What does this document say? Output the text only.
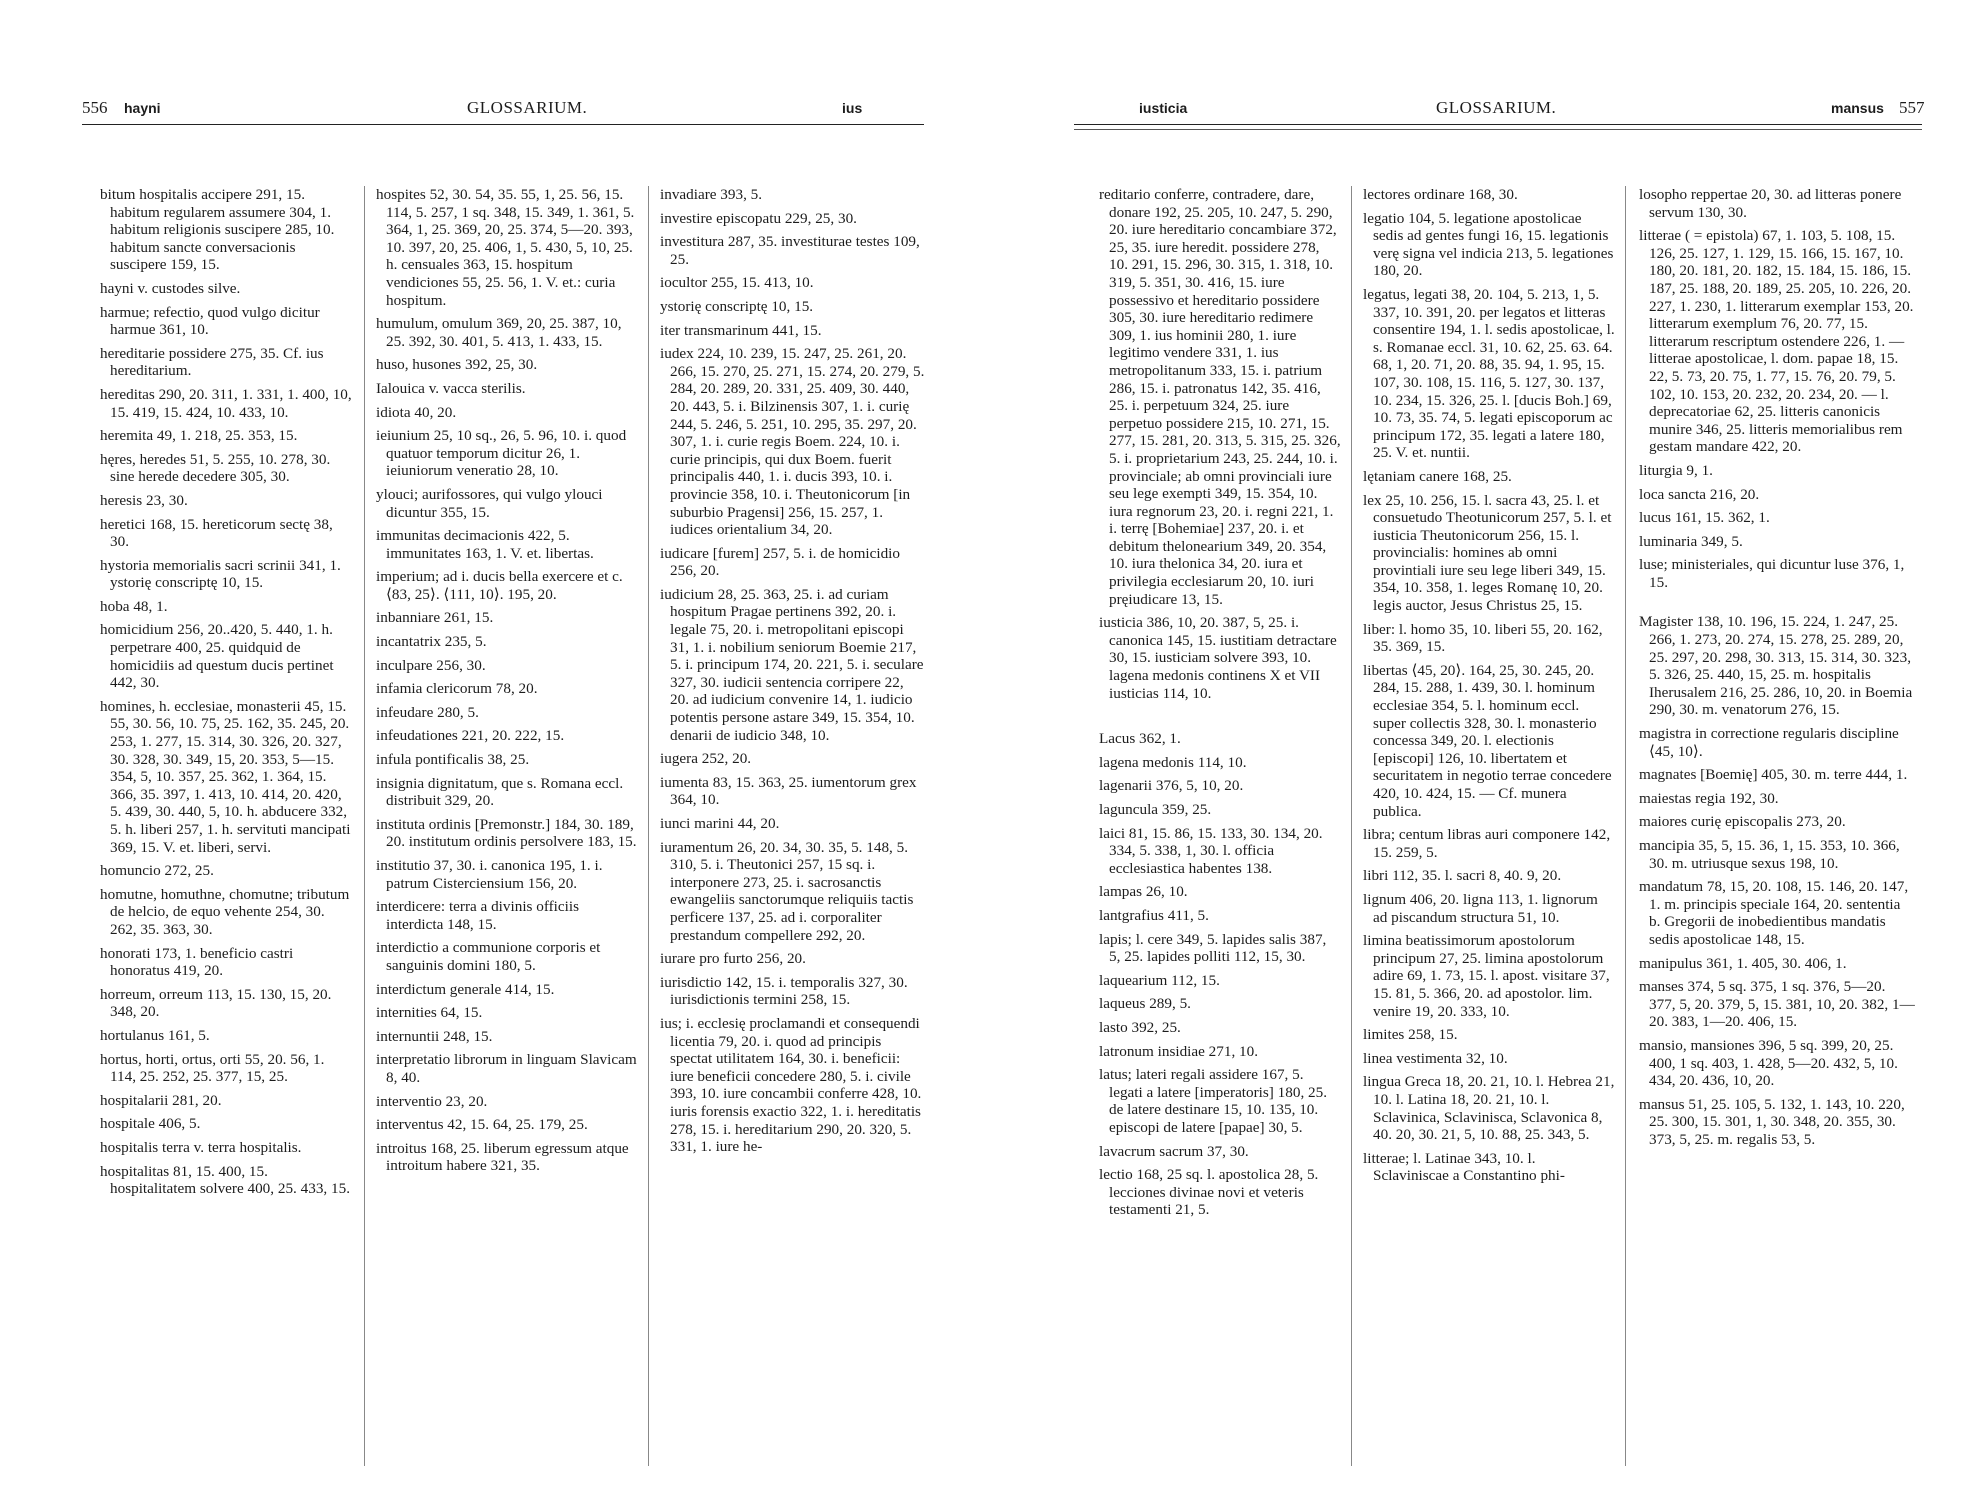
556 hayni	GLOSSARIUM.	ius

bitum hospitalis accipere 291, 15. habitum regularem assumere 304, 1. habitum religionis suscipere 285, 10. habitum sancte conversacionis suscipere 159, 15.

hayni v. custodes silve.

harmue; refectio, quod vulgo dicitur harmue 361, 10.

hereditarie possidere 275, 35. Cf. ius hereditarium.

hereditas 290, 20. 311, 1. 331, 1. 400, 10, 15. 419, 15. 424, 10. 433, 10.

heremita 49, 1. 218, 25. 353, 15.

hęres, heredes 51, 5. 255, 10. 278, 30. sine herede decedere 305, 30.

heresis 23, 30.

heretici 168, 15. hereticorum sectę 38, 30.

hystoria memorialis sacri scrinii 341, 1. ystorię conscriptę 10, 15.

hoba 48, 1.

homicidium 256, 20..420, 5. 440, 1. h. perpetrare 400, 25. quidquid de homicidiis ad questum ducis pertinet 442, 30.

homines, h. ecclesiae, monasterii 45, 15. 55, 30. 56, 10. 75, 25. 162, 35. 245, 20. 253, 1. 277, 15. 314, 30. 326, 20. 327, 30. 328, 30. 349, 15, 20. 353, 5—15. 354, 5, 10. 357, 25. 362, 1. 364, 15. 366, 35. 397, 1. 413, 10. 414, 20. 420, 5. 439, 30. 440, 5, 10. h. abducere 332, 5. h. liberi 257, 1. h. servituti mancipati 369, 15. V. et. liberi, servi.

homuncio 272, 25.

homutne, homuthne, chomutne; tributum de helcio, de equo vehente 254, 30. 262, 35. 363, 30.

honorati 173, 1. beneficio castri honoratus 419, 20.

horreum, orreum 113, 15. 130, 15, 20. 348, 20.

hortulanus 161, 5.

hortus, horti, ortus, orti 55, 20. 56, 1. 114, 25. 252, 25. 377, 15, 25.

hospitalarii 281, 20.

hospitale 406, 5.

hospitalis terra v. terra hospitalis.

hospitalitas 81, 15. 400, 15. hospitalitatem solvere 400, 25. 433, 15.

hospites 52, 30. 54, 35. 55, 1, 25. 56, 15. 114, 5. 257, 1 sq. 348, 15. 349, 1. 361, 5. 364, 1, 25. 369, 20, 25. 374, 5—20. 393, 10. 397, 20, 25. 406, 1, 5. 430, 5, 10, 25. h. censuales 363, 15. hospitum vendiciones 55, 25. 56, 1. V. et.: curia hospitum.

humulum, omulum 369, 20, 25. 387, 10, 25. 392, 30. 401, 5. 413, 1. 433, 15.

huso, husones 392, 25, 30.

Ialouica v. vacca sterilis.

idiota 40, 20.

ieiunium 25, 10 sq., 26, 5. 96, 10. i. quod quatuor temporum dicitur 26, 1. ieiuniorum veneratio 28, 10.

ylouci; aurifossores, qui vulgo ylouci dicuntur 355, 15.

immunitas decimacionis 422, 5. immunitates 163, 1. V. et. libertas.

imperium; ad i. ducis bella exercere et c. ⟨83, 25⟩. ⟨111, 10⟩. 195, 20.

inbanniare 261, 15.

incantatrix 235, 5.

inculpare 256, 30.

infamia clericorum 78, 20.

infeudare 280, 5.

infeudationes 221, 20. 222, 15.

infula pontificalis 38, 25.

insignia dignitatum, que s. Romana eccl. distribuit 329, 20.

instituta ordinis [Premonstr.] 184, 30. 189, 20. institutum ordinis persolvere 183, 15.

institutio 37, 30. i. canonica 195, 1. i. patrum Cisterciensium 156, 20.

interdicere: terra a divinis officiis interdicta 148, 15.

interdictio a communione corporis et sanguinis domini 180, 5.

interdictum generale 414, 15.

internities 64, 15.

internuntii 248, 15.

interpretatio librorum in linguam Slavicam 8, 40.

interventio 23, 20.

interventus 42, 15. 64, 25. 179, 25.

introitus 168, 25. liberum egressum atque introitum habere 321, 35.

invadiare 393, 5.

investire episcopatu 229, 25, 30.

investitura 287, 35. investiturae testes 109, 25.

iocultor 255, 15. 413, 10.

ystorię conscriptę 10, 15.

iter transmarinum 441, 15.

iudex 224, 10. 239, 15. 247, 25. 261, 20. 266, 15. 270, 25. 271, 15. 274, 20. 279, 5. 284, 20. 289, 20. 331, 25. 409, 30. 440, 20. 443, 5. i. Bilzinensis 307, 1. i. curię 244, 5. 246, 5. 251, 10. 295, 35. 297, 20. 307, 1. i. curie regis Boem. 224, 10. i. curie principis, qui dux Boem. fuerit principalis 440, 1. i. ducis 393, 10. i. provincie 358, 10. i. Theutonicorum [in suburbio Pragensi] 256, 15. 257, 1. iudices orientalium 34, 20.

iudicare [furem] 257, 5. i. de homicidio 256, 20.

iudicium 28, 25. 363, 25. i. ad curiam hospitum Pragae pertinens 392, 20. i. legale 75, 20. i. metropolitani episcopi 31, 1. i. nobilium seniorum Boemie 217, 5. i. principum 174, 20. 221, 5. i. seculare 327, 30. iudicii sentencia corripere 22, 20. ad iudicium convenire 14, 1. iudicio potentis persone astare 349, 15. 354, 10. denarii de iudicio 348, 10.

iugera 252, 20.

iumenta 83, 15. 363, 25. iumentorum grex 364, 10.

iunci marini 44, 20.

iuramentum 26, 20. 34, 30. 35, 5. 148, 5. 310, 5. i. Theutonici 257, 15 sq. i. interponere 273, 25. i. sacrosanctis ewangeliis sanctorumque reliquiis tactis perficere 137, 25. ad i. corporaliter prestandum compellere 292, 20.

iurare pro furto 256, 20.

iurisdictio 142, 15. i. temporalis 327, 30. iurisdictionis termini 258, 15.

ius; i. ecclesię proclamandi et consequendi licentia 79, 20. i. quod ad principis spectat utilitatem 164, 30. i. beneficii: iure beneficii concedere 280, 5. i. civile 393, 10. iure concambii conferre 428, 10. iuris forensis exactio 322, 1. i. hereditatis 278, 15. i. hereditarium 290, 20. 320, 5. 331, 1. iure he-

iusticia	GLOSSARIUM.	mansus 557

reditario conferre, contradere, dare, donare 192, 25. 205, 10. 247, 5. 290, 20. iure hereditario concambiare 372, 25, 35. iure heredit. possidere 278, 10. 291, 15. 296, 30. 315, 1. 318, 10. 319, 5. 351, 30. 416, 15. iure possessivo et hereditario possidere 305, 30. iure hereditario redimere 309, 1. ius hominii 280, 1. iure legitimo vendere 331, 1. ius metropolitanum 333, 15. i. patrium 286, 15. i. patronatus 142, 35. 416, 25. i. perpetuum 324, 25. iure perpetuo possidere 215, 10. 271, 15. 277, 15. 281, 20. 313, 5. 315, 25. 326, 5. i. proprietarium 243, 25. 244, 10. i. provinciale; ab omni provinciali iure seu lege exempti 349, 15. 354, 10. iura regnorum 23, 20. i. regni 221, 1. i. terrę [Bohemiae] 237, 20. i. et debitum thelonearium 349, 20. 354, 10. iura thelonica 34, 20. iura et privilegia ecclesiarum 20, 10. iuri pręiudicare 13, 15.

iusticia 386, 10, 20. 387, 5, 25. i. canonica 145, 15. iustitiam detractare 30, 15. iusticiam solvere 393, 10. lagena medonis continens X et VII iusticias 114, 10.

Lacus 362, 1.

lagena medonis 114, 10.

lagenarii 376, 5, 10, 20.

laguncula 359, 25.

laici 81, 15. 86, 15. 133, 30. 134, 20. 334, 5. 338, 1, 30. l. officia ecclesiastica habentes 138.

lampas 26, 10.

lantgrafius 411, 5.

lapis; l. cere 349, 5. lapides salis 387, 5, 25. lapides polliti 112, 15, 30.

laquearium 112, 15.

laqueus 289, 5.

lasto 392, 25.

latronum insidiae 271, 10.

latus; lateri regali assidere 167, 5. legati a latere [imperatoris] 180, 25. de latere destinare 15, 10. 135, 10. episcopi de latere [papae] 30, 5.

lavacrum sacrum 37, 30.

lectio 168, 25 sq. l. apostolica 28, 5. lecciones divinae novi et veteris testamenti 21, 5.

lectores ordinare 168, 30.

legatio 104, 5. legatione apostolicae sedis ad gentes fungi 16, 15. legationis verę signa vel indicia 213, 5. legationes 180, 20.

legatus, legati 38, 20. 104, 5. 213, 1, 5. 337, 10. 391, 20. per legatos et litteras consentire 194, 1. l. sedis apostolicae, l. s. Romanae eccl. 31, 10. 62, 25. 63. 64. 68, 1, 20. 71, 20. 88, 35. 94, 1. 95, 15. 107, 30. 108, 15. 116, 5. 127, 30. 137, 10. 234, 15. 326, 25. l. [ducis Boh.] 69, 10. 73, 35. 74, 5. legati episcoporum ac principum 172, 35. legati a latere 180, 25. V. et. nuntii.

lętaniam canere 168, 25.

lex 25, 10. 256, 15. l. sacra 43, 25. l. et consuetudo Theotunicorum 257, 5. l. et iusticia Theutonicorum 256, 15. l. provincialis: homines ab omni provintiali iure seu lege liberi 349, 15. 354, 10. 358, 1. leges Romanę 10, 20. legis auctor, Jesus Christus 25, 15.

liber: l. homo 35, 10. liberi 55, 20. 162, 35. 369, 15.

libertas ⟨45, 20⟩. 164, 25, 30. 245, 20. 284, 15. 288, 1. 439, 30. l. hominum ecclesiae 354, 5. l. hominum eccl. super collectis 328, 30. l. monasterio concessa 349, 20. l. electionis [episcopi] 126, 10. libertatem et securitatem in negotio terrae concedere 420, 10. 424, 15. — Cf. munera publica.

libra; centum libras auri componere 142, 15. 259, 5.

libri 112, 35. l. sacri 8, 40. 9, 20.

lignum 406, 20. ligna 113, 1. lignorum ad piscandum structura 51, 10.

limina beatissimorum apostolorum principum 27, 25. limina apostolorum adire 69, 1. 73, 15. l. apost. visitare 37, 15. 81, 5. 366, 20. ad apostolor. lim. venire 19, 20. 333, 10.

limites 258, 15.

linea vestimenta 32, 10.

lingua Greca 18, 20. 21, 10. l. Hebrea 21, 10. l. Latina 18, 20. 21, 10. l. Sclavinica, Sclavinisca, Sclavonica 8, 40. 20, 30. 21, 5, 10. 88, 25. 343, 5.

litterae; l. Latinae 343, 10. l. Sclaviniscae a Constantino phi-

losopho reppertae 20, 30. ad litteras ponere servum 130, 30.

litterae ( = epistola) 67, 1. 103, 5. 108, 15. 126, 25. 127, 1. 129, 15. 166, 15. 167, 10. 180, 20. 181, 20. 182, 15. 184, 15. 186, 15. 187, 25. 188, 20. 189, 25. 205, 10. 226, 20. 227, 1. 230, 1. litterarum exemplar 153, 20. litterarum exemplum 76, 20. 77, 15. litterarum rescriptum ostendere 226, 1. — litterae apostolicae, l. dom. papae 18, 15. 22, 5. 73, 20. 75, 1. 77, 15. 76, 20. 79, 5. 102, 10. 153, 20. 232, 20. 234, 20. — l. deprecatoriae 62, 25. litteris canonicis munire 346, 25. litteris memorialibus rem gestam mandare 422, 20.

liturgia 9, 1.

loca sancta 216, 20.

lucus 161, 15. 362, 1.

luminaria 349, 5.

luse; ministeriales, qui dicuntur luse 376, 1, 15.

Magister 138, 10. 196, 15. 224, 1. 247, 25. 266, 1. 273, 20. 274, 15. 278, 25. 289, 20, 25. 297, 20. 298, 30. 313, 15. 314, 30. 323, 5. 326, 25. 440, 15, 25. m. hospitalis Iherusalem 216, 25. 286, 10, 20. in Boemia 290, 30. m. venatorum 276, 15.

magistra in correctione regularis discipline ⟨45, 10⟩.

magnates [Boemię] 405, 30. m. terre 444, 1.

maiestas regia 192, 30.

maiores curię episcopalis 273, 20.

mancipia 35, 5, 15. 36, 1, 15. 353, 10. 366, 30. m. utriusque sexus 198, 10.

mandatum 78, 15, 20. 108, 15. 146, 20. 147, 1. m. principis speciale 164, 20. sententia b. Gregorii de inobedientibus mandatis sedis apostolicae 148, 15.

manipulus 361, 1. 405, 30. 406, 1.

manses 374, 5 sq. 375, 1 sq. 376, 5—20. 377, 5, 20. 379, 5, 15. 381, 10, 20. 382, 1—20. 383, 1—20. 406, 15.

mansio, mansiones 396, 5 sq. 399, 20, 25. 400, 1 sq. 403, 1. 428, 5—20. 432, 5, 10. 434, 20. 436, 10, 20.

mansus 51, 25. 105, 5. 132, 1. 143, 10. 220, 25. 300, 15. 301, 1, 30. 348, 20. 355, 30. 373, 5, 25. m. regalis 53, 5.
